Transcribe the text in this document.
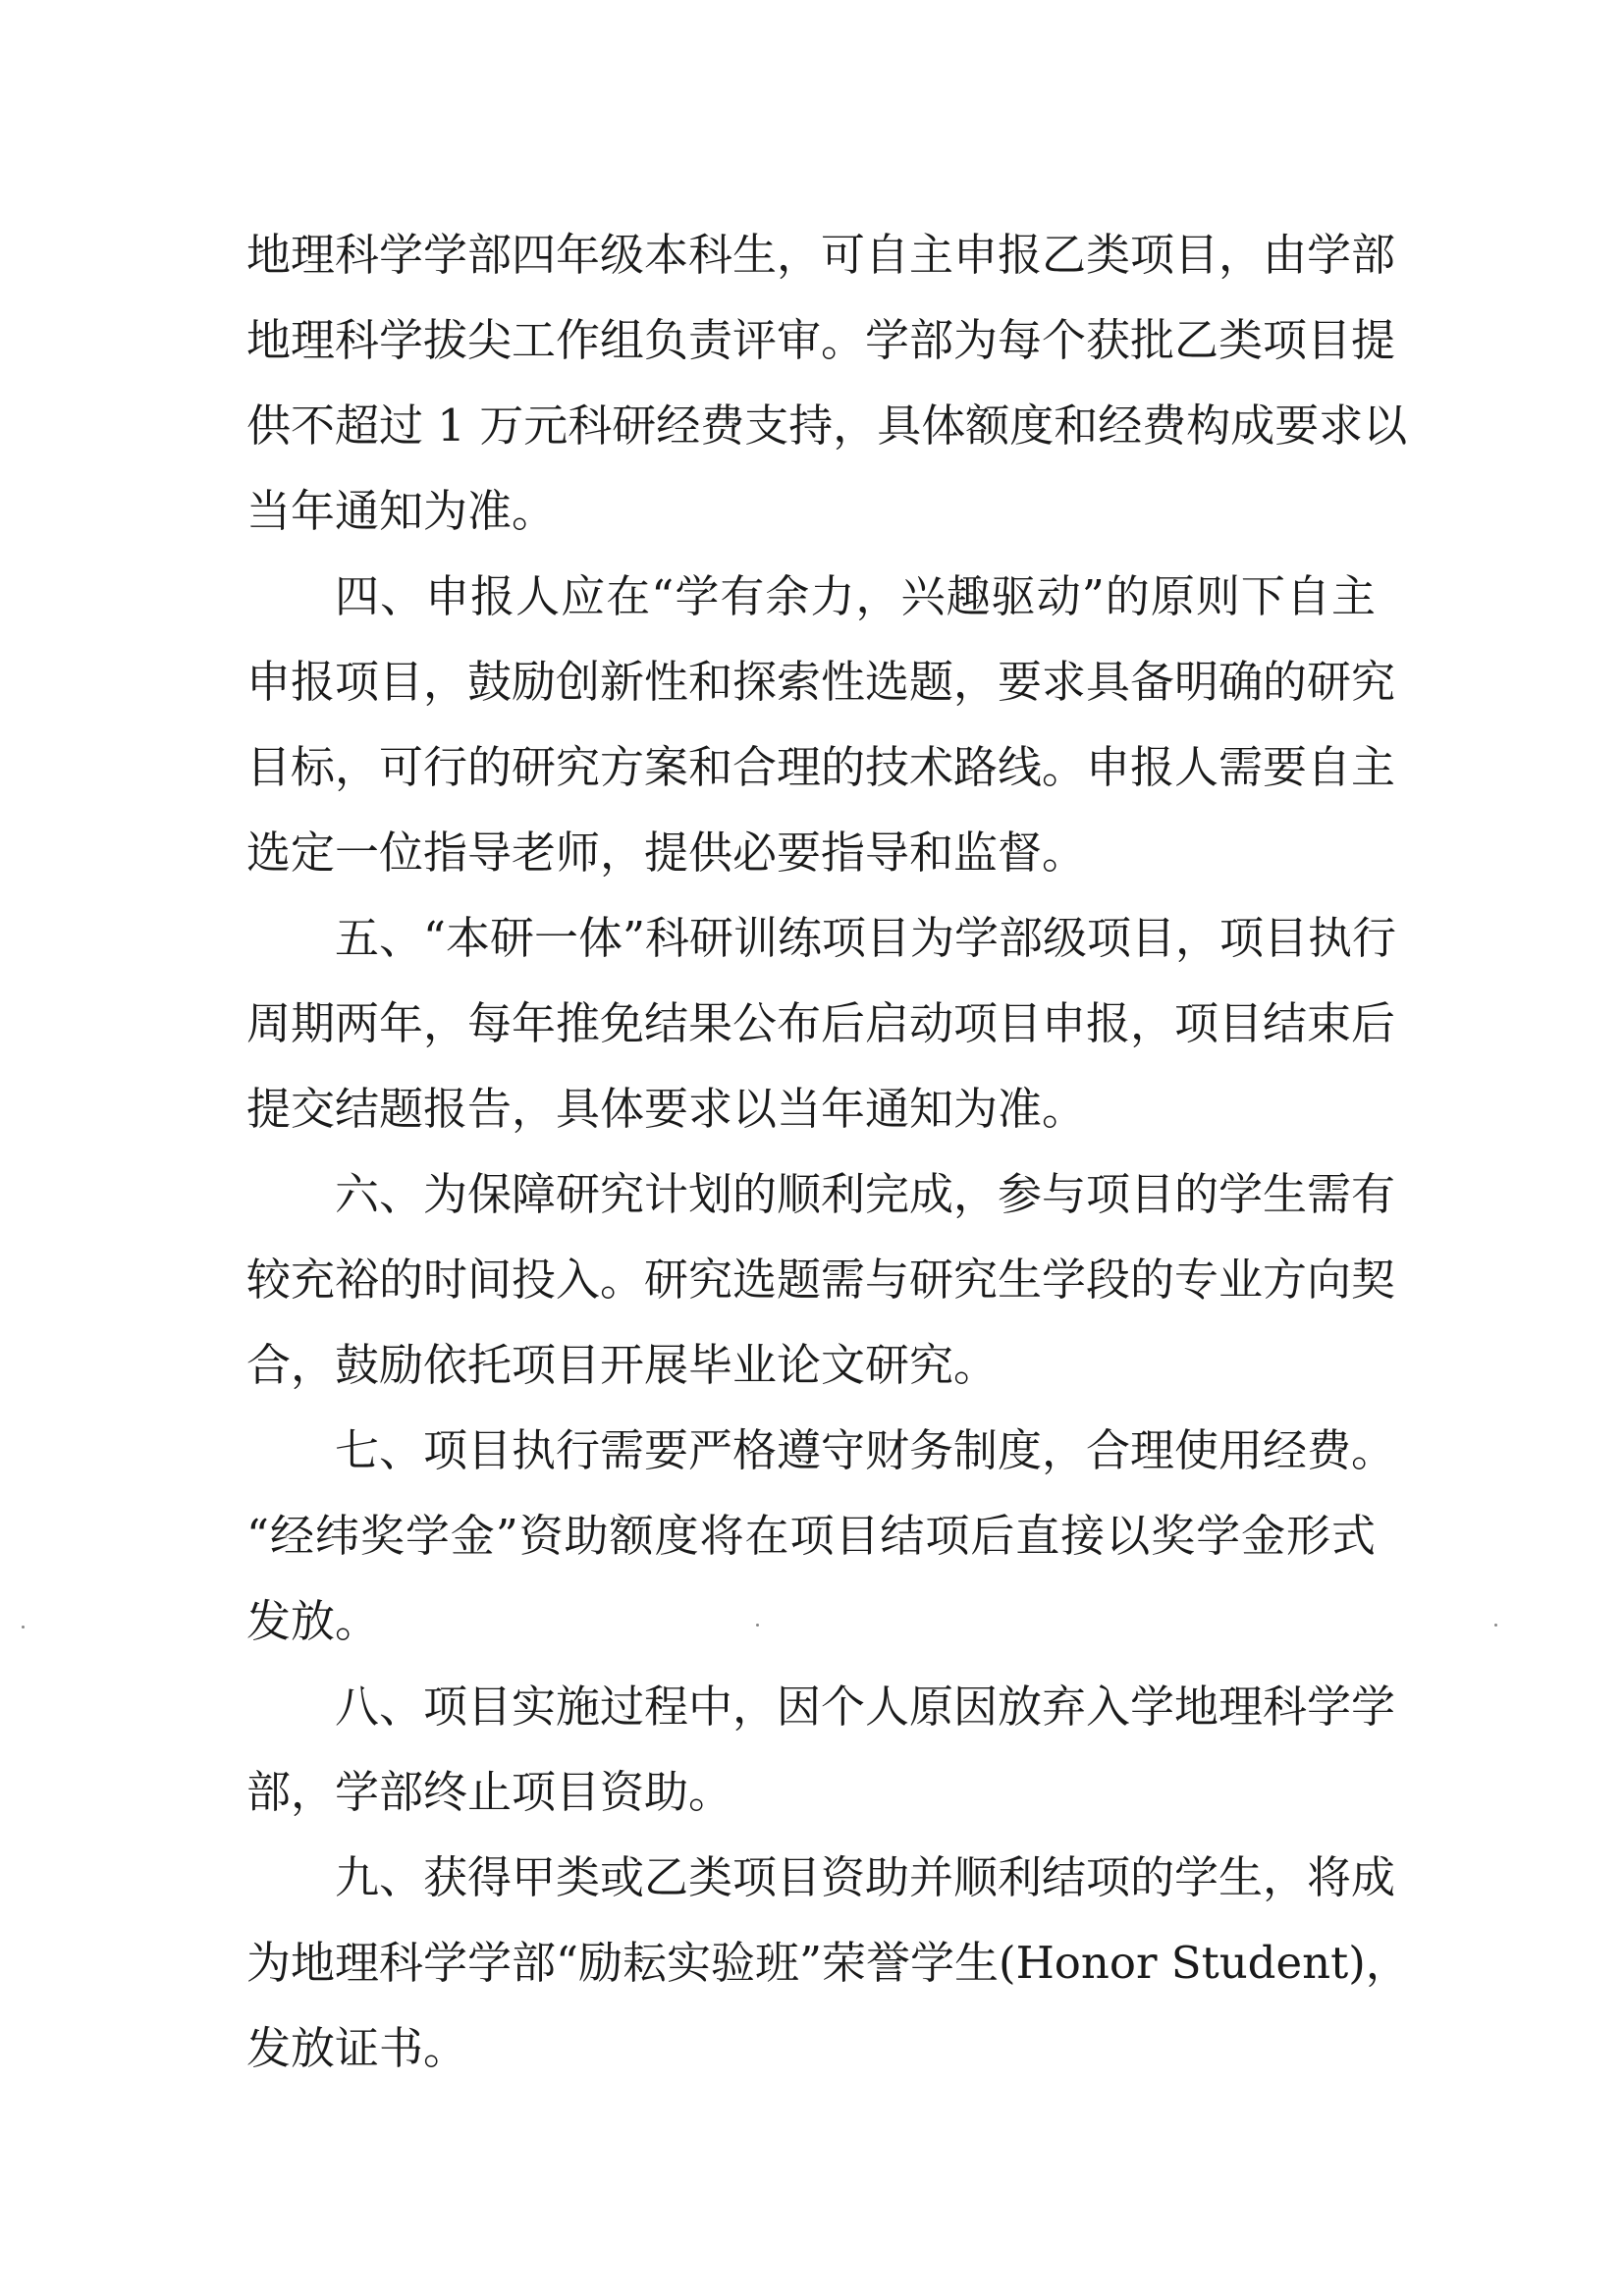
地理科学学部四年级本科生，可自主申报乙类项目，由学部
地理科学拔尖工作组负责评审。学部为每个获批乙类项目提
供不超过 1 万元科研经费支持，具体额度和经费构成要求以
当年通知为准。
四、申报人应在“学有余力，兴趣驱动”的原则下自主
申报项目，鼓励创新性和探索性选题，要求具备明确的研究
目标，可行的研究方案和合理的技术路线。申报人需要自主
选定一位指导老师，提供必要指导和监督。
五、“本研一体”科研训练项目为学部级项目，项目执行
周期两年，每年推免结果公布后启动项目申报，项目结束后
提交结题报告，具体要求以当年通知为准。
六、为保障研究计划的顺利完成，参与项目的学生需有
较充裕的时间投入。研究选题需与研究生学段的专业方向契
合，鼓励依托项目开展毕业论文研究。
七、项目执行需要严格遵守财务制度，合理使用经费。
“经纬奖学金”资助额度将在项目结项后直接以奖学金形式
发放。
八、项目实施过程中，因个人原因放弃入学地理科学学
部，学部终止项目资助。
九、获得甲类或乙类项目资助并顺利结项的学生，将成
为地理科学学部“励耘实验班”荣誉学生(Honor Student)，
发放证书。
